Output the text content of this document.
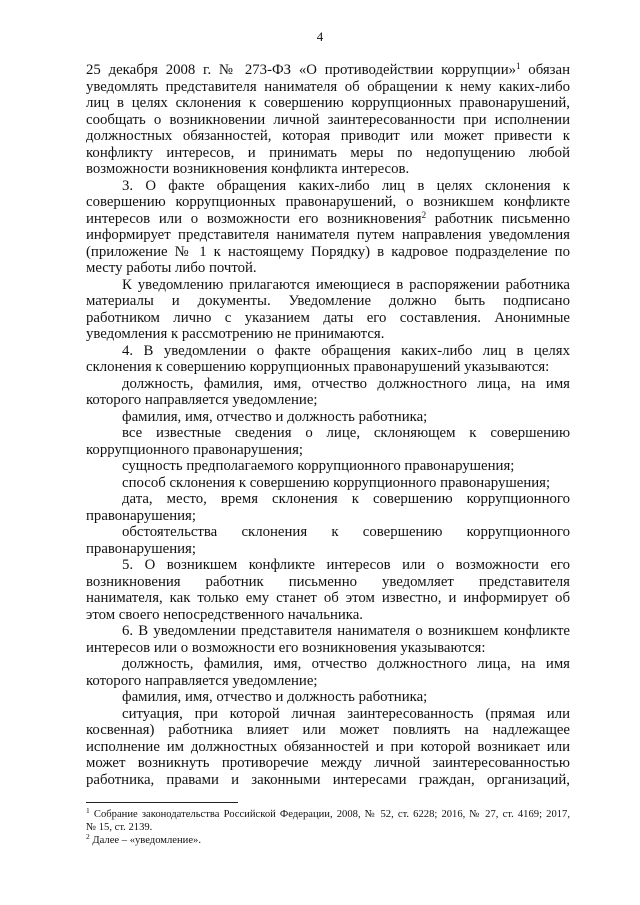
4
25 декабря 2008 г. № 273-ФЗ «О противодействии коррупции»$^1$ обязан
уведомлять представителя нанимателя об обращении к нему каких-либо
лиц в целях склонения к совершению коррупционных правонарушений,
сообщать о возникновении личной заинтересованности при исполнении
должностных обязанностей, которая приводит или может привести к
конфликту интересов, и принимать меры по недопущению любой
возможности возникновения конфликта интересов.
3. О факте обращения каких-либо лиц в целях склонения к
совершению коррупционных правонарушений, о возникшем конфликте
интересов или о возможности его возникновения$^2$ работник письменно
информирует представителя нанимателя путем направления уведомления
(приложение № 1 к настоящему Порядку) в кадровое подразделение по
месту работы либо почтой.
К уведомлению прилагаются имеющиеся в распоряжении работника
материалы и документы. Уведомление должно быть подписано
работником лично с указанием даты его составления. Анонимные
уведомления к рассмотрению не принимаются.
4. В уведомлении о факте обращения каких-либо лиц в целях
склонения к совершению коррупционных правонарушений указываются:
должность, фамилия, имя, отчество должностного лица, на имя
которого направляется уведомление;
фамилия, имя, отчество и должность работника;
все известные сведения о лице, склоняющем к совершению
коррупционного правонарушения;
сущность предполагаемого коррупционного правонарушения;
способ склонения к совершению коррупционного правонарушения;
дата, место, время склонения к совершению коррупционного
правонарушения;
обстоятельства склонения к совершению коррупционного
правонарушения;
5. О возникшем конфликте интересов или о возможности его
возникновения работник письменно уведомляет представителя
нанимателя, как только ему станет об этом известно, и информирует об
этом своего непосредственного начальника.
6. В уведомлении представителя нанимателя о возникшем конфликте
интересов или о возможности его возникновения указываются:
должность, фамилия, имя, отчество должностного лица, на имя
которого направляется уведомление;
фамилия, имя, отчество и должность работника;
ситуация, при которой личная заинтересованность (прямая или
косвенная) работника влияет или может повлиять на надлежащее
исполнение им должностных обязанностей и при которой возникает или
может возникнуть противоречие между личной заинтересованностью
работника, правами и законными интересами граждан, организаций,
$^1$ Собрание законодательства Российской Федерации, 2008, № 52, ст. 6228; 2016, № 27, ст. 4169; 2017,
№ 15, ст. 2139.
$^2$ Далее – «уведомление».
